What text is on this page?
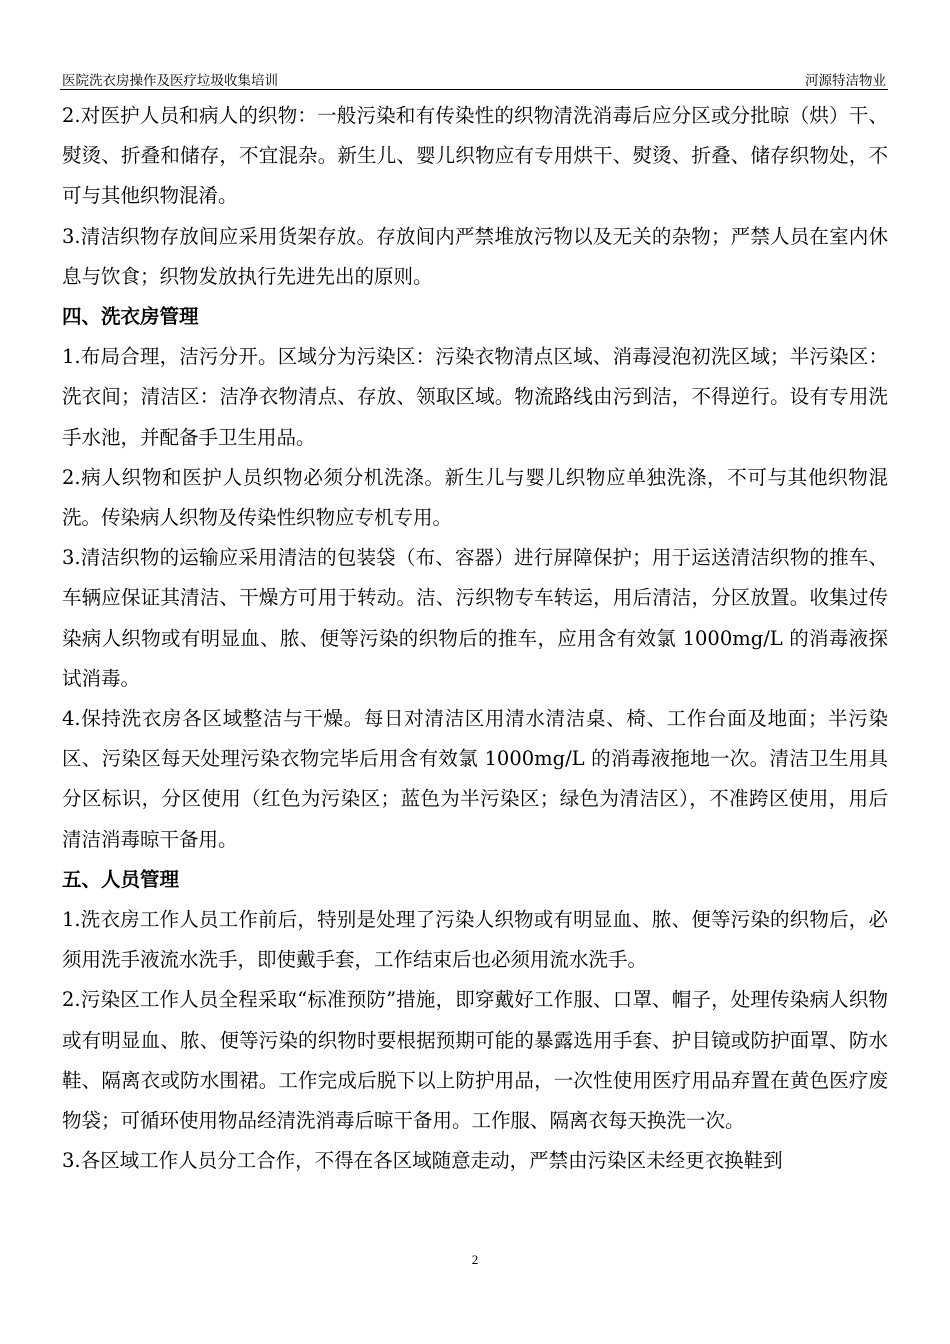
医院洗衣房操作及医疗垃圾收集培训	河源特洁物业

2.对医护人员和病人的织物：一般污染和有传染性的织物清洗消毒后应分区或分批晾（烘）干、熨烫、折叠和储存，不宜混杂。新生儿、婴儿织物应有专用烘干、熨烫、折叠、储存织物处，不可与其他织物混淆。

3.清洁织物存放间应采用货架存放。存放间内严禁堆放污物以及无关的杂物；严禁人员在室内休息与饮食；织物发放执行先进先出的原则。

四、洗衣房管理

1.布局合理，洁污分开。区域分为污染区：污染衣物清点区域、消毒浸泡初洗区域；半污染区：洗衣间；清洁区：洁净衣物清点、存放、领取区域。物流路线由污到洁，不得逆行。设有专用洗手水池，并配备手卫生用品。

2.病人织物和医护人员织物必须分机洗涤。新生儿与婴儿织物应单独洗涤，不可与其他织物混洗。传染病人织物及传染性织物应专机专用。

3.清洁织物的运输应采用清洁的包装袋（布、容器）进行屏障保护；用于运送清洁织物的推车、车辆应保证其清洁、干燥方可用于转动。洁、污织物专车转运，用后清洁，分区放置。收集过传染病人织物或有明显血、脓、便等污染的织物后的推车，应用含有效氯 1000mg/L 的消毒液探试消毒。

4.保持洗衣房各区域整洁与干燥。每日对清洁区用清水清洁桌、椅、工作台面及地面；半污染区、污染区每天处理污染衣物完毕后用含有效氯 1000mg/L 的消毒液拖地一次。清洁卫生用具分区标识，分区使用（红色为污染区；蓝色为半污染区；绿色为清洁区），不准跨区使用，用后清洁消毒晾干备用。

五、人员管理

1.洗衣房工作人员工作前后，特别是处理了污染人织物或有明显血、脓、便等污染的织物后，必须用洗手液流水洗手，即使戴手套，工作结束后也必须用流水洗手。

2.污染区工作人员全程采取“标准预防”措施，即穿戴好工作服、口罩、帽子，处理传染病人织物或有明显血、脓、便等污染的织物时要根据预期可能的暴露选用手套、护目镜或防护面罩、防水鞋、隔离衣或防水围裙。工作完成后脱下以上防护用品，一次性使用医疗用品弃置在黄色医疗废物袋；可循环使用物品经清洗消毒后晾干备用。工作服、隔离衣每天换洗一次。

3.各区域工作人员分工合作，不得在各区域随意走动，严禁由污染区未经更衣换鞋到

2
